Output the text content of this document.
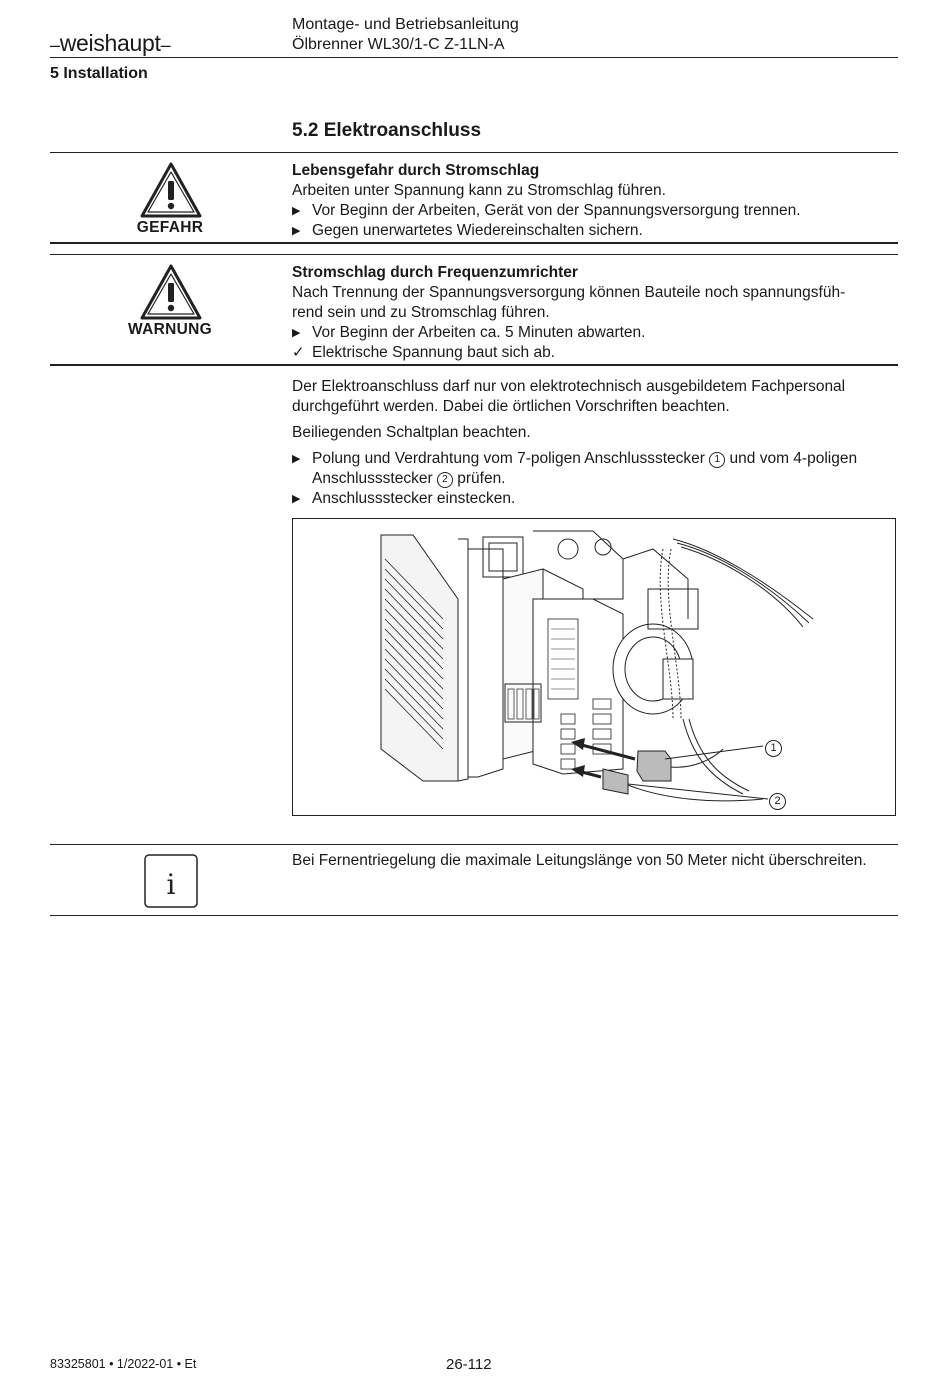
–weishaupt–
Montage- und Betriebsanleitung
Ölbrenner WL30/1-C Z-1LN-A
5 Installation
5.2 Elektroanschluss
GEFAHR
Lebensgefahr durch Stromschlag
Arbeiten unter Spannung kann zu Stromschlag führen.
▶ Vor Beginn der Arbeiten, Gerät von der Spannungsversorgung trennen.
▶ Gegen unerwartetes Wiedereinschalten sichern.
WARNUNG
Stromschlag durch Frequenzumrichter
Nach Trennung der Spannungsversorgung können Bauteile noch spannungsfüh-
rend sein und zu Stromschlag führen.
▶ Vor Beginn der Arbeiten ca. 5 Minuten abwarten.
✓ Elektrische Spannung baut sich ab.

Der Elektroanschluss darf nur von elektrotechnisch ausgebildetem Fachpersonal durchgeführt werden. Dabei die örtlichen Vorschriften beachten.

Beiliegenden Schaltplan beachten.

▶ Polung und Verdrahtung vom 7-poligen Anschlussstecker 1 und vom 4-poligen
Anschlussstecker 2 prüfen.
▶ Anschlussstecker einstecken.
1
2
i
Bei Fernentriegelung die maximale Leitungslänge von 50 Meter nicht überschreiten.
83325801 • 1/2022-01 • Et	26-112
